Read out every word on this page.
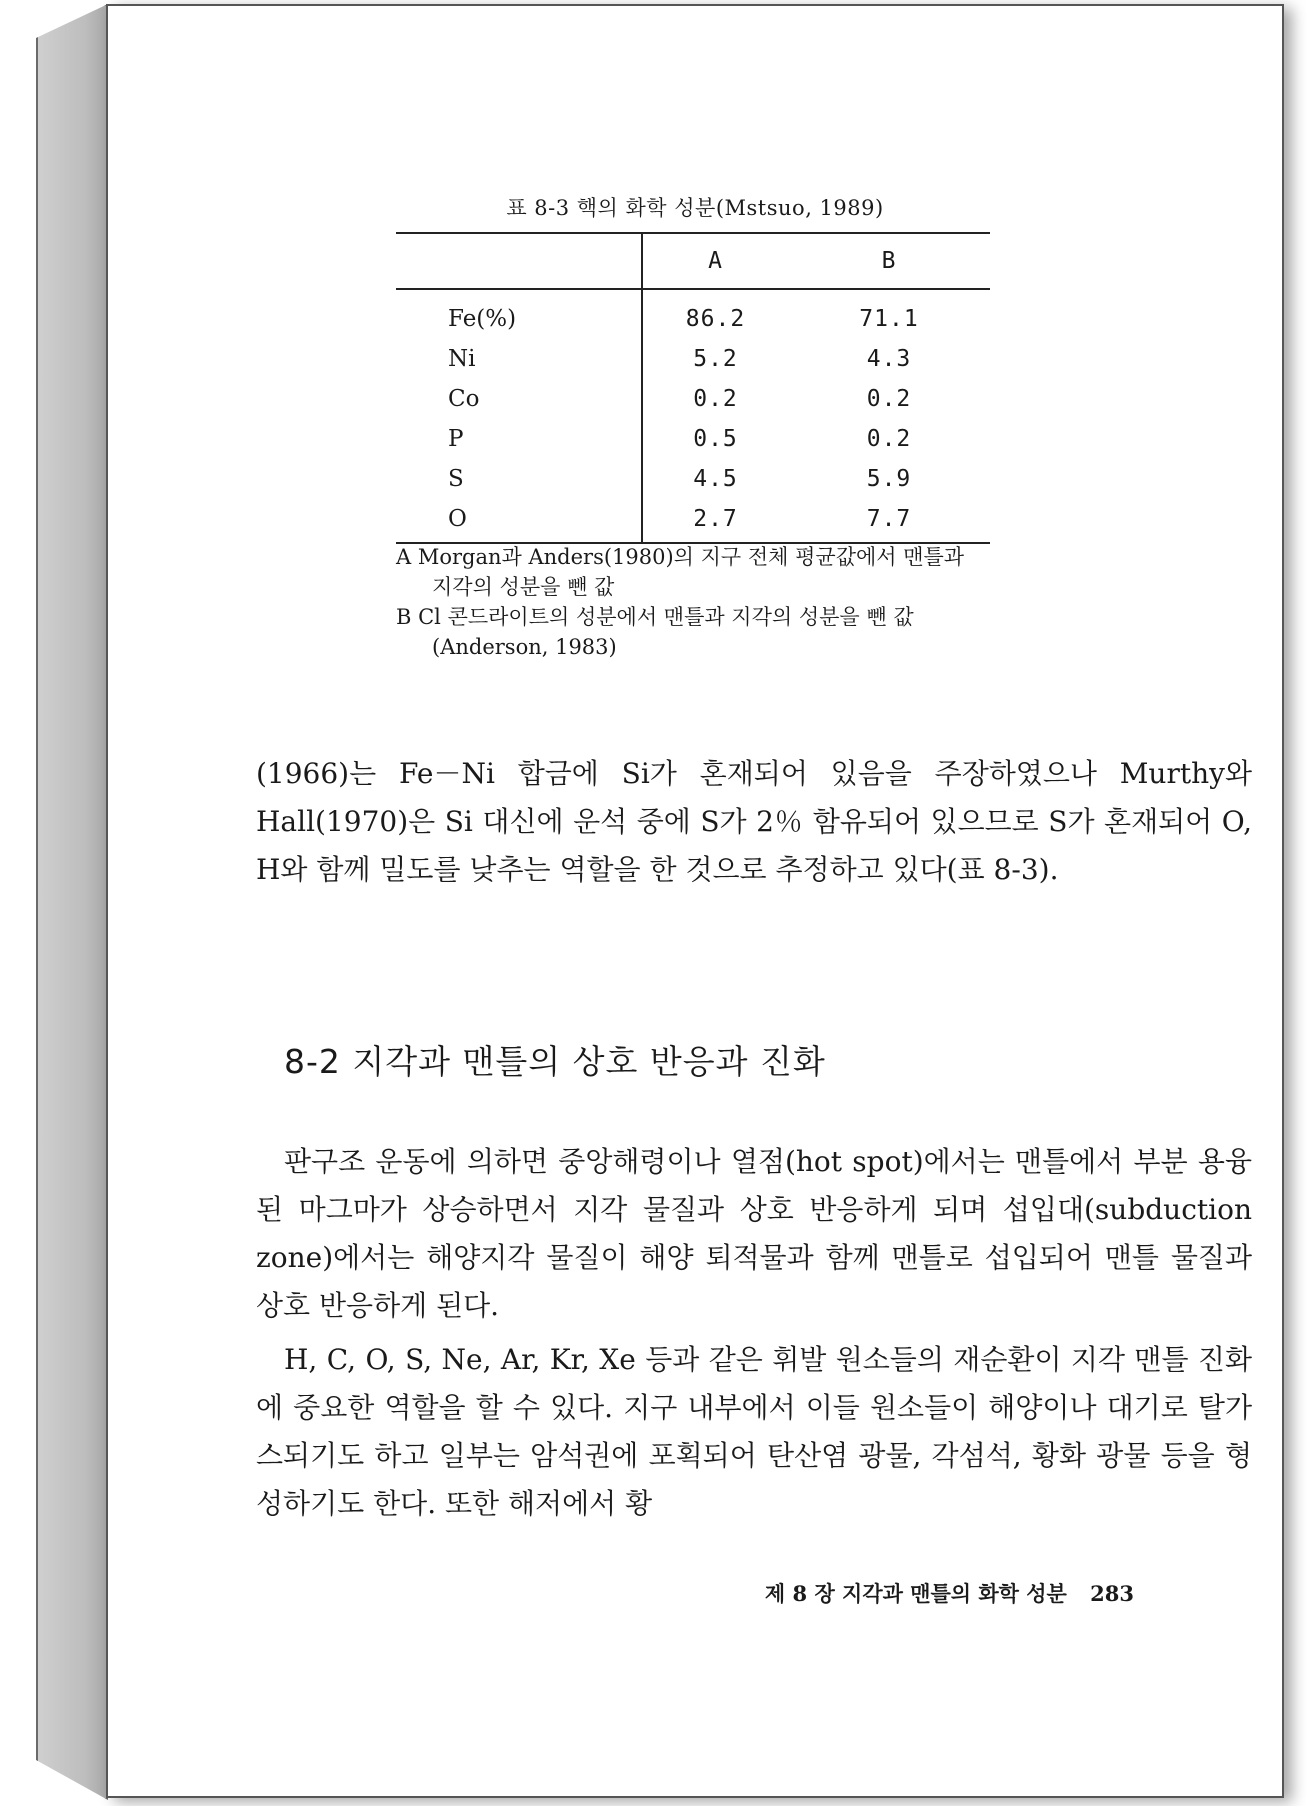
표 8-3 핵의 화학 성분(Mstsuo, 1989)
	A	B
Fe(%)	86.2	71.1
Ni	5.2	4.3
Co	0.2	0.2
P	0.5	0.2
S	4.5	5.9
O	2.7	7.7
A Morgan과 Anders(1980)의 지구 전체 평균값에서 맨틀과
지각의 성분을 뺀 값
B Cl 콘드라이트의 성분에서 맨틀과 지각의 성분을 뺀 값
(Anderson, 1983)

(1966)는 Fe－Ni 합금에 Si가 혼재되어 있음을 주장하였으나 Murthy와 Hall(1970)은 Si 대신에 운석 중에 S가 2％ 함유되어 있으므로 S가 혼재되어 O, H와 함께 밀도를 낮추는 역할을 한 것으로 추정하고 있다(표 8-3).

8-2 지각과 맨틀의 상호 반응과 진화

판구조 운동에 의하면 중앙해령이나 열점(hot spot)에서는 맨틀에서 부분 용융된 마그마가 상승하면서 지각 물질과 상호 반응하게 되며 섭입대(subduction zone)에서는 해양지각 물질이 해양 퇴적물과 함께 맨틀로 섭입되어 맨틀 물질과 상호 반응하게 된다.

H, C, O, S, Ne, Ar, Kr, Xe 등과 같은 휘발 원소들의 재순환이 지각 맨틀 진화에 중요한 역할을 할 수 있다. 지구 내부에서 이들 원소들이 해양이나 대기로 탈가스되기도 하고 일부는 암석권에 포획되어 탄산염 광물, 각섬석, 황화 광물 등을 형성하기도 한다. 또한 해저에서 황

제 8 장 지각과 맨틀의 화학 성분 283
